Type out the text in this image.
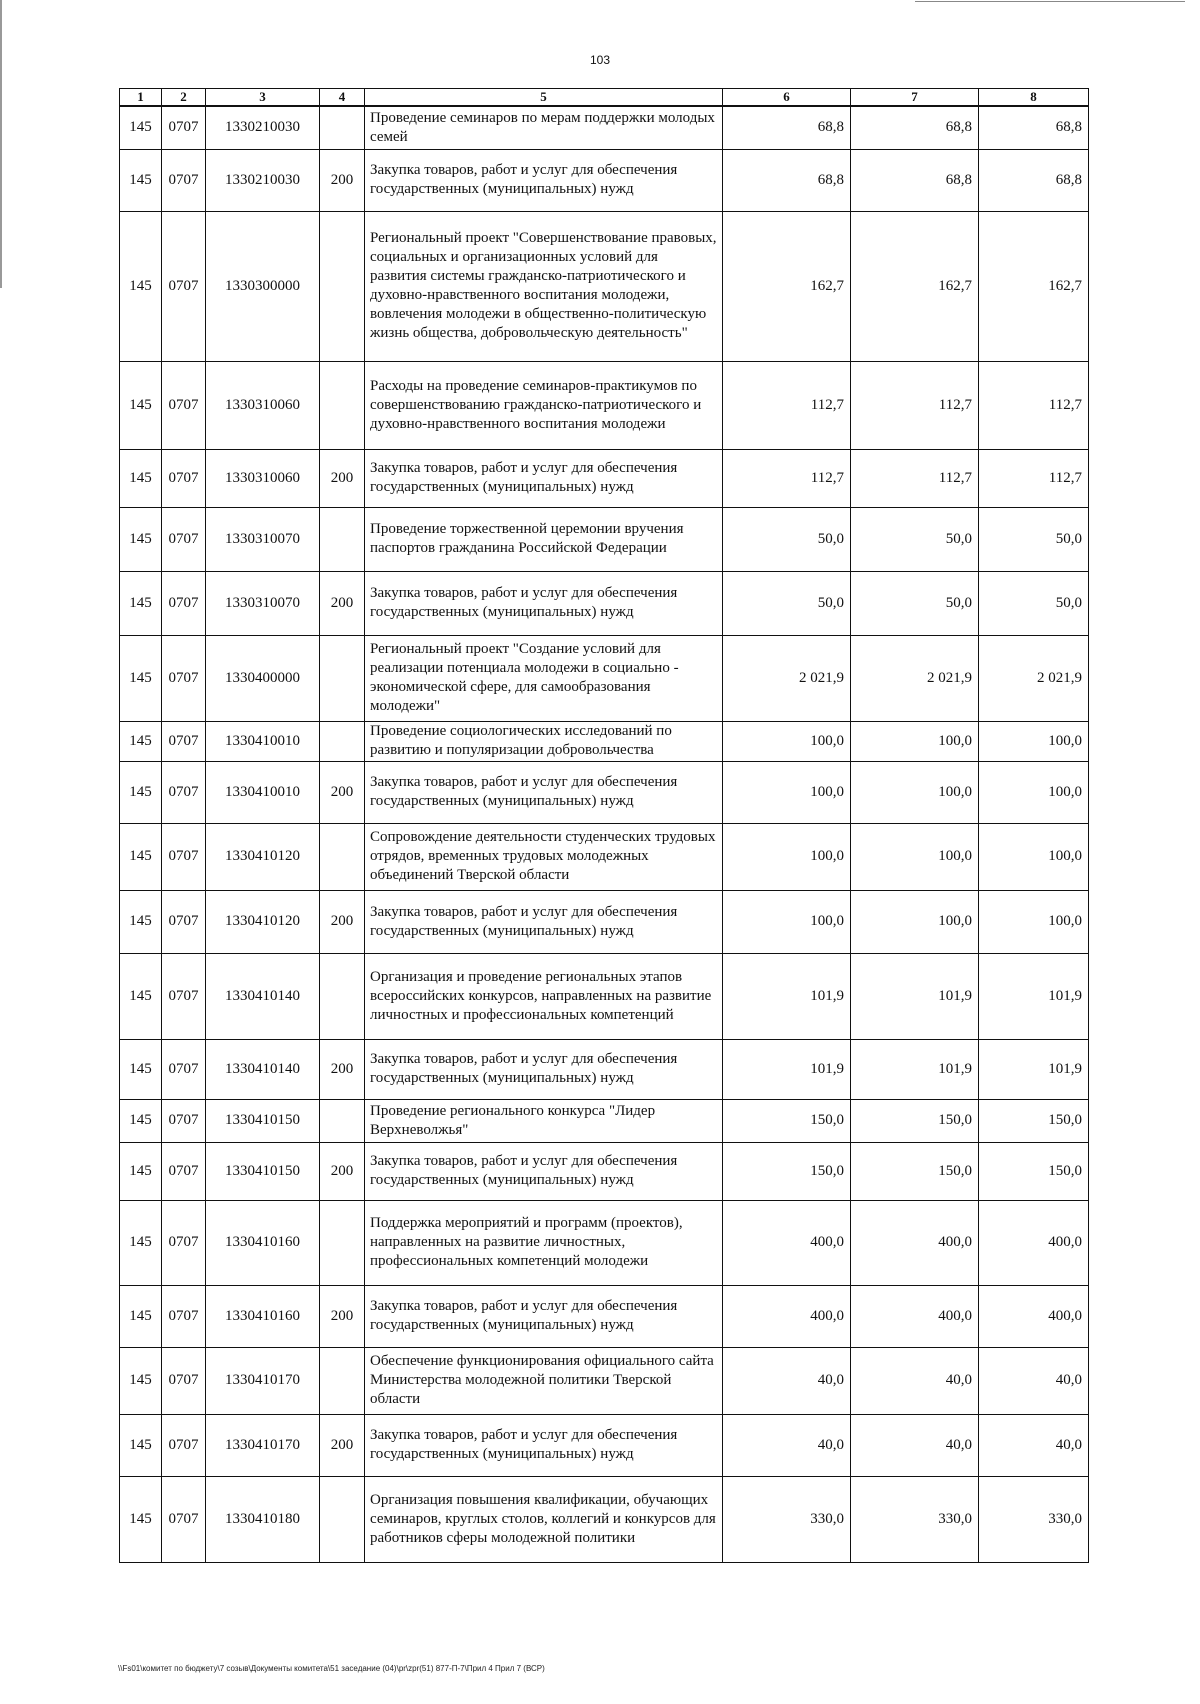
103
1	2	3	4	5	6	7	8
145	0707	1330210030		Проведение семинаров по мерам поддержки молодых семей	68,8	68,8	68,8
145	0707	1330210030	200	Закупка товаров, работ и услуг для обеспечения государственных (муниципальных) нужд	68,8	68,8	68,8
145	0707	1330300000		Региональный проект "Совершенствование правовых, социальных и организационных условий для развития системы гражданско-патриотического и духовно-нравственного воспитания молодежи, вовлечения молодежи в общественно-политическую жизнь общества, добровольческую деятельность"	162,7	162,7	162,7
145	0707	1330310060		Расходы на проведение семинаров-практикумов по совершенствованию гражданско-патриотического и духовно-нравственного воспитания молодежи	112,7	112,7	112,7
145	0707	1330310060	200	Закупка товаров, работ и услуг для обеспечения государственных (муниципальных) нужд	112,7	112,7	112,7
145	0707	1330310070		Проведение торжественной церемонии вручения паспортов гражданина Российской Федерации	50,0	50,0	50,0
145	0707	1330310070	200	Закупка товаров, работ и услуг для обеспечения государственных (муниципальных) нужд	50,0	50,0	50,0
145	0707	1330400000		Региональный проект "Создание условий для реализации потенциала молодежи в социально - экономической сфере, для самообразования молодежи"	2 021,9	2 021,9	2 021,9
145	0707	1330410010		Проведение социологических исследований по развитию и популяризации добровольчества	100,0	100,0	100,0
145	0707	1330410010	200	Закупка товаров, работ и услуг для обеспечения государственных (муниципальных) нужд	100,0	100,0	100,0
145	0707	1330410120		Сопровождение деятельности студенческих трудовых отрядов, временных трудовых молодежных объединений Тверской области	100,0	100,0	100,0
145	0707	1330410120	200	Закупка товаров, работ и услуг для обеспечения государственных (муниципальных) нужд	100,0	100,0	100,0
145	0707	1330410140		Организация и проведение региональных этапов всероссийских конкурсов, направленных на развитие личностных и профессиональных компетенций	101,9	101,9	101,9
145	0707	1330410140	200	Закупка товаров, работ и услуг для обеспечения государственных (муниципальных) нужд	101,9	101,9	101,9
145	0707	1330410150		Проведение регионального конкурса "Лидер Верхневолжья"	150,0	150,0	150,0
145	0707	1330410150	200	Закупка товаров, работ и услуг для обеспечения государственных (муниципальных) нужд	150,0	150,0	150,0
145	0707	1330410160		Поддержка мероприятий и программ (проектов), направленных на развитие личностных, профессиональных компетенций молодежи	400,0	400,0	400,0
145	0707	1330410160	200	Закупка товаров, работ и услуг для обеспечения государственных (муниципальных) нужд	400,0	400,0	400,0
145	0707	1330410170		Обеспечение функционирования официального сайта Министерства молодежной политики Тверской области	40,0	40,0	40,0
145	0707	1330410170	200	Закупка товаров, работ и услуг для обеспечения государственных (муниципальных) нужд	40,0	40,0	40,0
145	0707	1330410180		Организация повышения квалификации, обучающих семинаров, круглых столов, коллегий и конкурсов для работников сферы молодежной политики	330,0	330,0	330,0
\\Fs01\комитет по бюджету\7 созыв\Документы комитета\51 заседание (04)\pr\zpr(51) 877-П-7\Прил 4 Прил 7 (ВСР)
